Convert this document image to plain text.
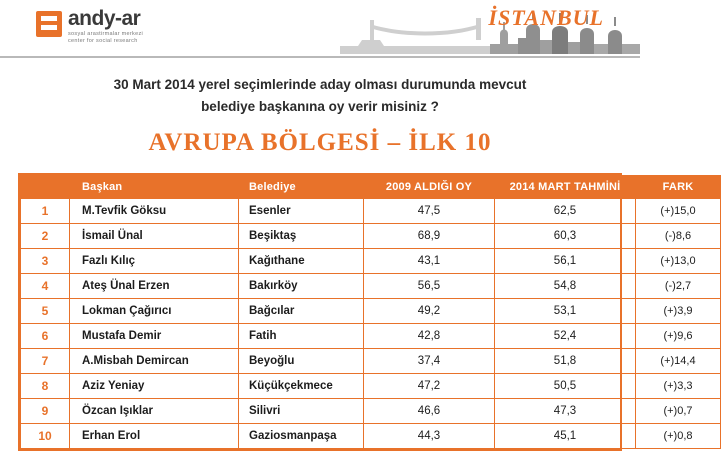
andy-ar
sosyal arastirmalar merkezi
center for social research
İSTANBUL
30 Mart 2014 yerel seçimlerinde aday olması durumunda mevcut
belediye başkanına oy verir misiniz ?
AVRUPA BÖLGESİ – İLK 10
	Başkan	Belediye	2009 ALDIĞI OY	2014 MART TAHMİNİ	FARK
1	M.Tevfik Göksu	Esenler	47,5	62,5	(+)15,0
2	İsmail Ünal	Beşiktaş	68,9	60,3	(-)8,6
3	Fazlı Kılıç	Kağıthane	43,1	56,1	(+)13,0
4	Ateş Ünal Erzen	Bakırköy	56,5	54,8	(-)2,7
5	Lokman Çağırıcı	Bağcılar	49,2	53,1	(+)3,9
6	Mustafa Demir	Fatih	42,8	52,4	(+)9,6
7	A.Misbah Demircan	Beyoğlu	37,4	51,8	(+)14,4
8	Aziz Yeniay	Küçükçekmece	47,2	50,5	(+)3,3
9	Özcan Işıklar	Silivri	46,6	47,3	(+)0,7
10	Erhan Erol	Gaziosmanpaşa	44,3	45,1	(+)0,8
